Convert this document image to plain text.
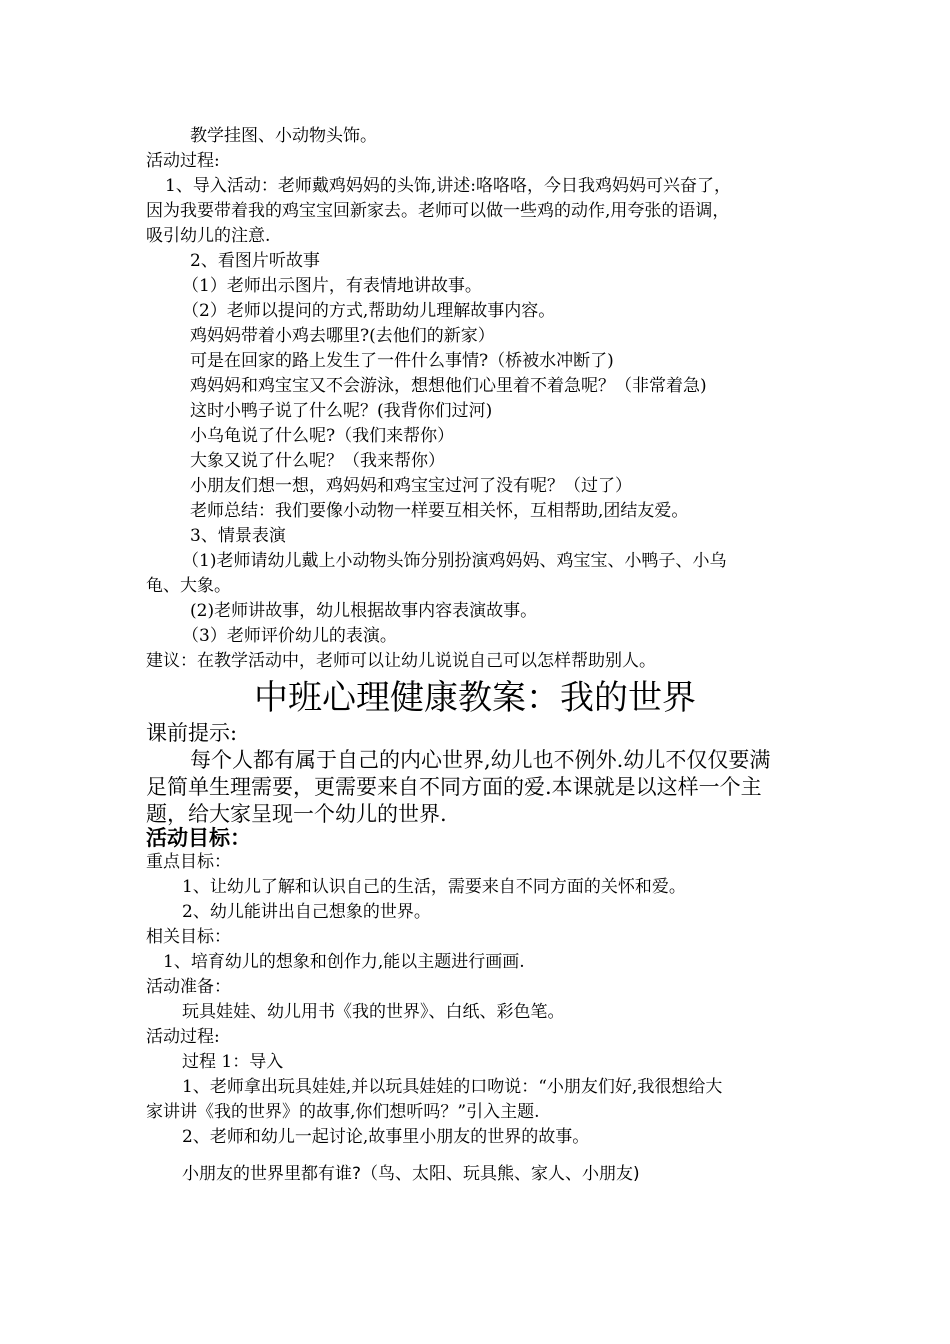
教学挂图、小动物头饰。
活动过程:
1、导入活动：老师戴鸡妈妈的头饰,讲述:咯咯咯，今日我鸡妈妈可兴奋了，
因为我要带着我的鸡宝宝回新家去。老师可以做一些鸡的动作,用夸张的语调，
吸引幼儿的注意.
2、看图片听故事
（1）老师出示图片，有表情地讲故事。
（2）老师以提问的方式,帮助幼儿理解故事内容。
鸡妈妈带着小鸡去哪里?(去他们的新家）
可是在回家的路上发生了一件什么事情?（桥被水冲断了)
鸡妈妈和鸡宝宝又不会游泳，想想他们心里着不着急呢？（非常着急)
这时小鸭子说了什么呢？(我背你们过河)
小乌龟说了什么呢?（我们来帮你）
大象又说了什么呢？（我来帮你）
小朋友们想一想，鸡妈妈和鸡宝宝过河了没有呢？（过了）
老师总结：我们要像小动物一样要互相关怀，互相帮助,团结友爱。
3、情景表演
（1)老师请幼儿戴上小动物头饰分别扮演鸡妈妈、鸡宝宝、小鸭子、小乌
龟、大象。
(2)老师讲故事，幼儿根据故事内容表演故事。
（3）老师评价幼儿的表演。
建议：在教学活动中，老师可以让幼儿说说自己可以怎样帮助别人。
中班心理健康教案：我的世界
课前提示:
每个人都有属于自己的内心世界,幼儿也不例外.幼儿不仅仅要满
足简单生理需要，更需要来自不同方面的爱.本课就是以这样一个主
题，给大家呈现一个幼儿的世界.
活动目标：
重点目标：
1、让幼儿了解和认识自己的生活，需要来自不同方面的关怀和爱。
2、幼儿能讲出自己想象的世界。
相关目标：
1、培育幼儿的想象和创作力,能以主题进行画画.
活动准备：
玩具娃娃、幼儿用书《我的世界》、白纸、彩色笔。
活动过程:
过程 1：导入
1、老师拿出玩具娃娃,并以玩具娃娃的口吻说：“小朋友们好,我很想给大
家讲讲《我的世界》的故事,你们想听吗？”引入主题.
2、老师和幼儿一起讨论,故事里小朋友的世界的故事。
小朋友的世界里都有谁?（鸟、太阳、玩具熊、家人、小朋友)
